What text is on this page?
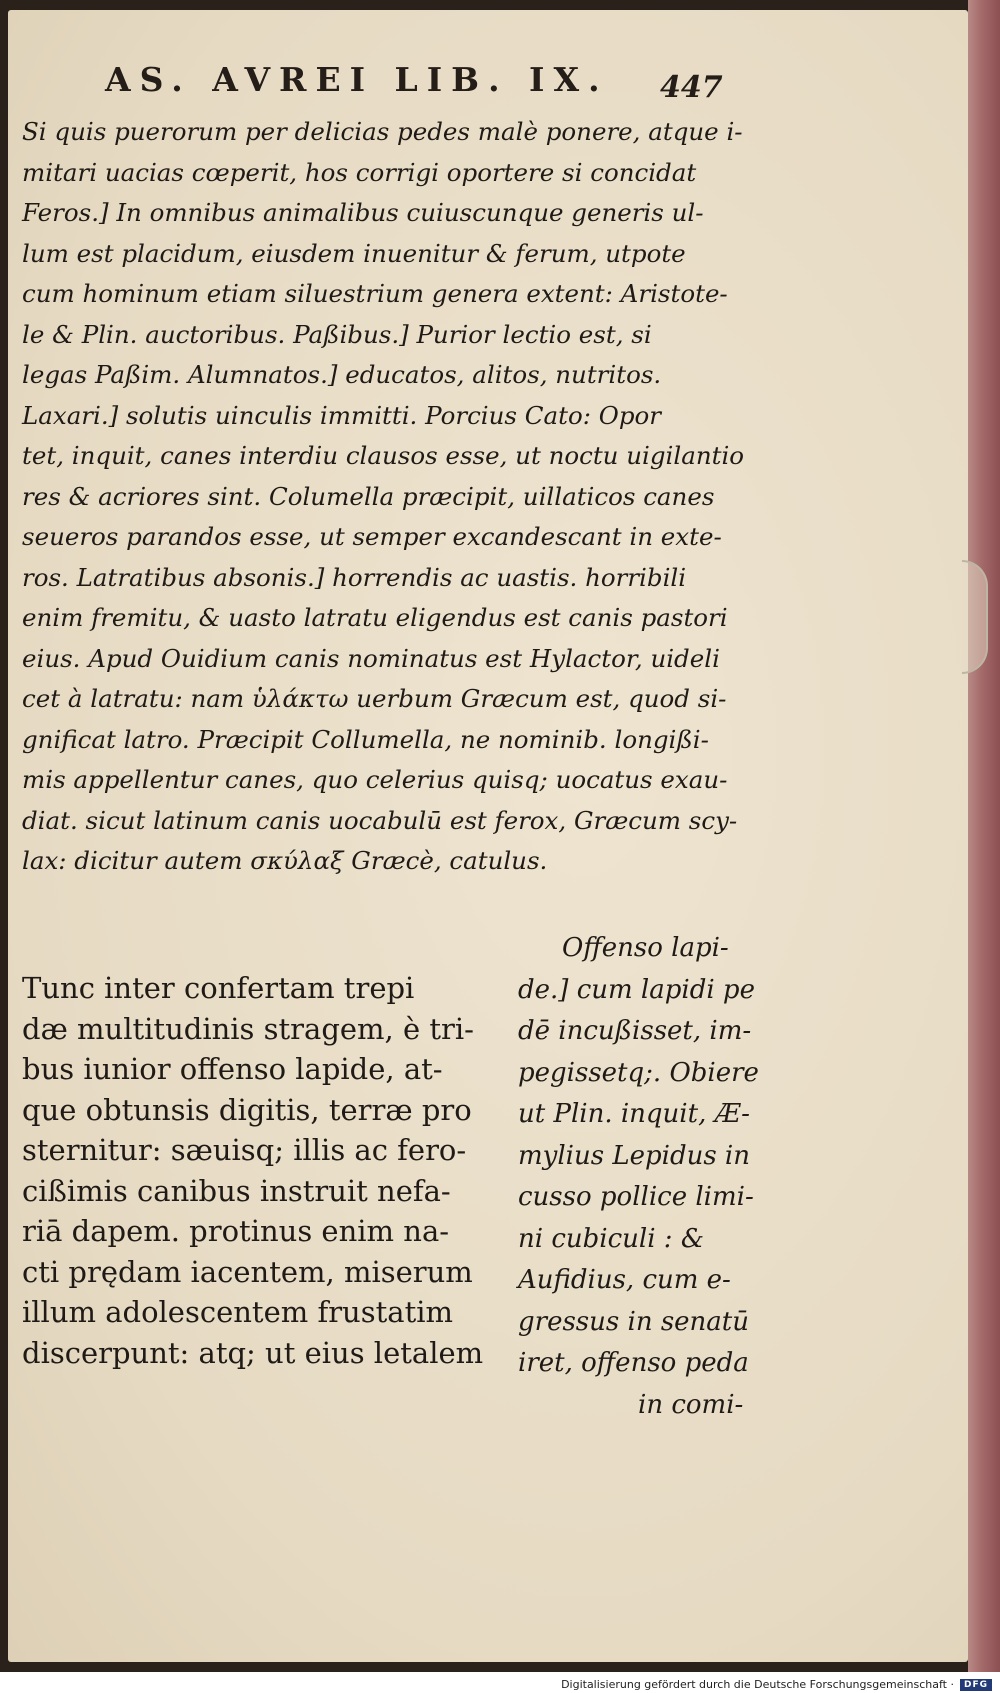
AS. AVREI LIB. IX.	447
Si quis puerorum per delicias pedes malè ponere, atque i-
mitari uacias cœperit, hos corrigi oportere si concidat
Feros.] In omnibus animalibus cuiuscunque generis ul-
lum est placidum, eiusdem inuenitur & ferum, utpote
cum hominum etiam siluestrium genera extent: Aristote-
le & Plin. auctoribus. Paßibus.] Purior lectio est, si
legas Paßim. Alumnatos.] educatos, alitos, nutritos.
Laxari.] solutis uinculis immitti. Porcius Cato: Opor
tet, inquit, canes interdiu clausos esse, ut noctu uigilantio
res & acriores sint. Columella præcipit, uillaticos canes
seueros parandos esse, ut semper excandescant in exte-
ros. Latratibus absonis.] horrendis ac uastis. horribili
enim fremitu, & uasto latratu eligendus est canis pastori
eius. Apud Ouidium canis nominatus est Hylactor, uideli
cet à latratu: nam ὑλάκτω uerbum Græcum est, quod si-
gnificat latro. Præcipit Collumella, ne nominib. longißi-
mis appellentur canes, quo celerius quisq; uocatus exau-
diat. sicut latinum canis uocabulū est ferox, Græcum scy-
lax: dicitur autem σκύλαξ Græcè, catulus.
Offenso lapi-
de.] cum lapidi pe
dē incußisset, im-
pegissetq;. Obiere
ut Plin. inquit, Æ-
mylius Lepidus in
cusso pollice limi-
ni cubiculi : &
Aufidius, cum e-
gressus in senatū
iret, offenso peda
in comi-
Tunc inter confertam trepi
dæ multitudinis stragem, è tri-
bus iunior offenso lapide, at-
que obtunsis digitis, terræ pro
sternitur: sæuisq; illis ac fero-
cißimis canibus instruit nefa-
riā dapem. protinus enim na-
cti prędam iacentem, miserum
illum adolescentem frustatim
discerpunt: atq; ut eius letalem
Digitalisierung gefördert durch die Deutsche Forschungsgemeinschaft ·	DFG
